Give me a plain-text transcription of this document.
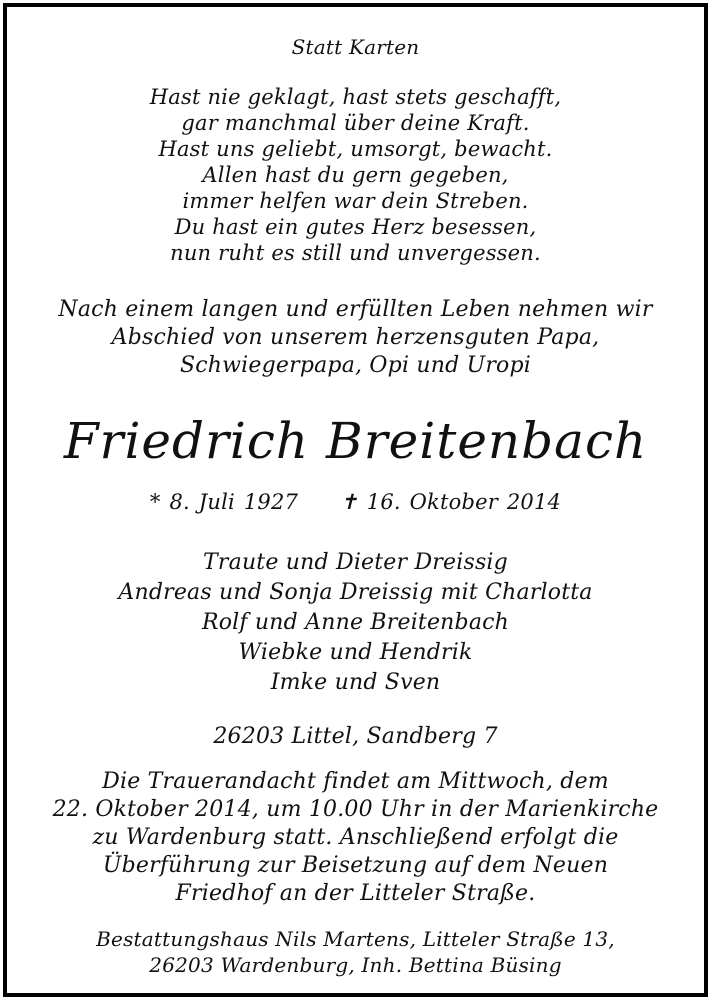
Statt Karten
Hast nie geklagt, hast stets geschafft,
gar manchmal über deine Kraft.
Hast uns geliebt, umsorgt, bewacht.
Allen hast du gern gegeben,
immer helfen war dein Streben.
Du hast ein gutes Herz besessen,
nun ruht es still und unvergessen.
Nach einem langen und erfüllten Leben nehmen wir
Abschied von unserem herzensguten Papa,
Schwiegerpapa, Opi und Uropi
Friedrich Breitenbach
* 8. Juli 1927 ✝ 16. Oktober 2014
Traute und Dieter Dreissig
Andreas und Sonja Dreissig mit Charlotta
Rolf und Anne Breitenbach
Wiebke und Hendrik
Imke und Sven
26203 Littel, Sandberg 7
Die Trauerandacht findet am Mittwoch, dem
22. Oktober 2014, um 10.00 Uhr in der Marienkirche
zu Wardenburg statt. Anschließend erfolgt die
Überführung zur Beisetzung auf dem Neuen
Friedhof an der Litteler Straße.
Bestattungshaus Nils Martens, Litteler Straße 13,
26203 Wardenburg, Inh. Bettina Büsing
